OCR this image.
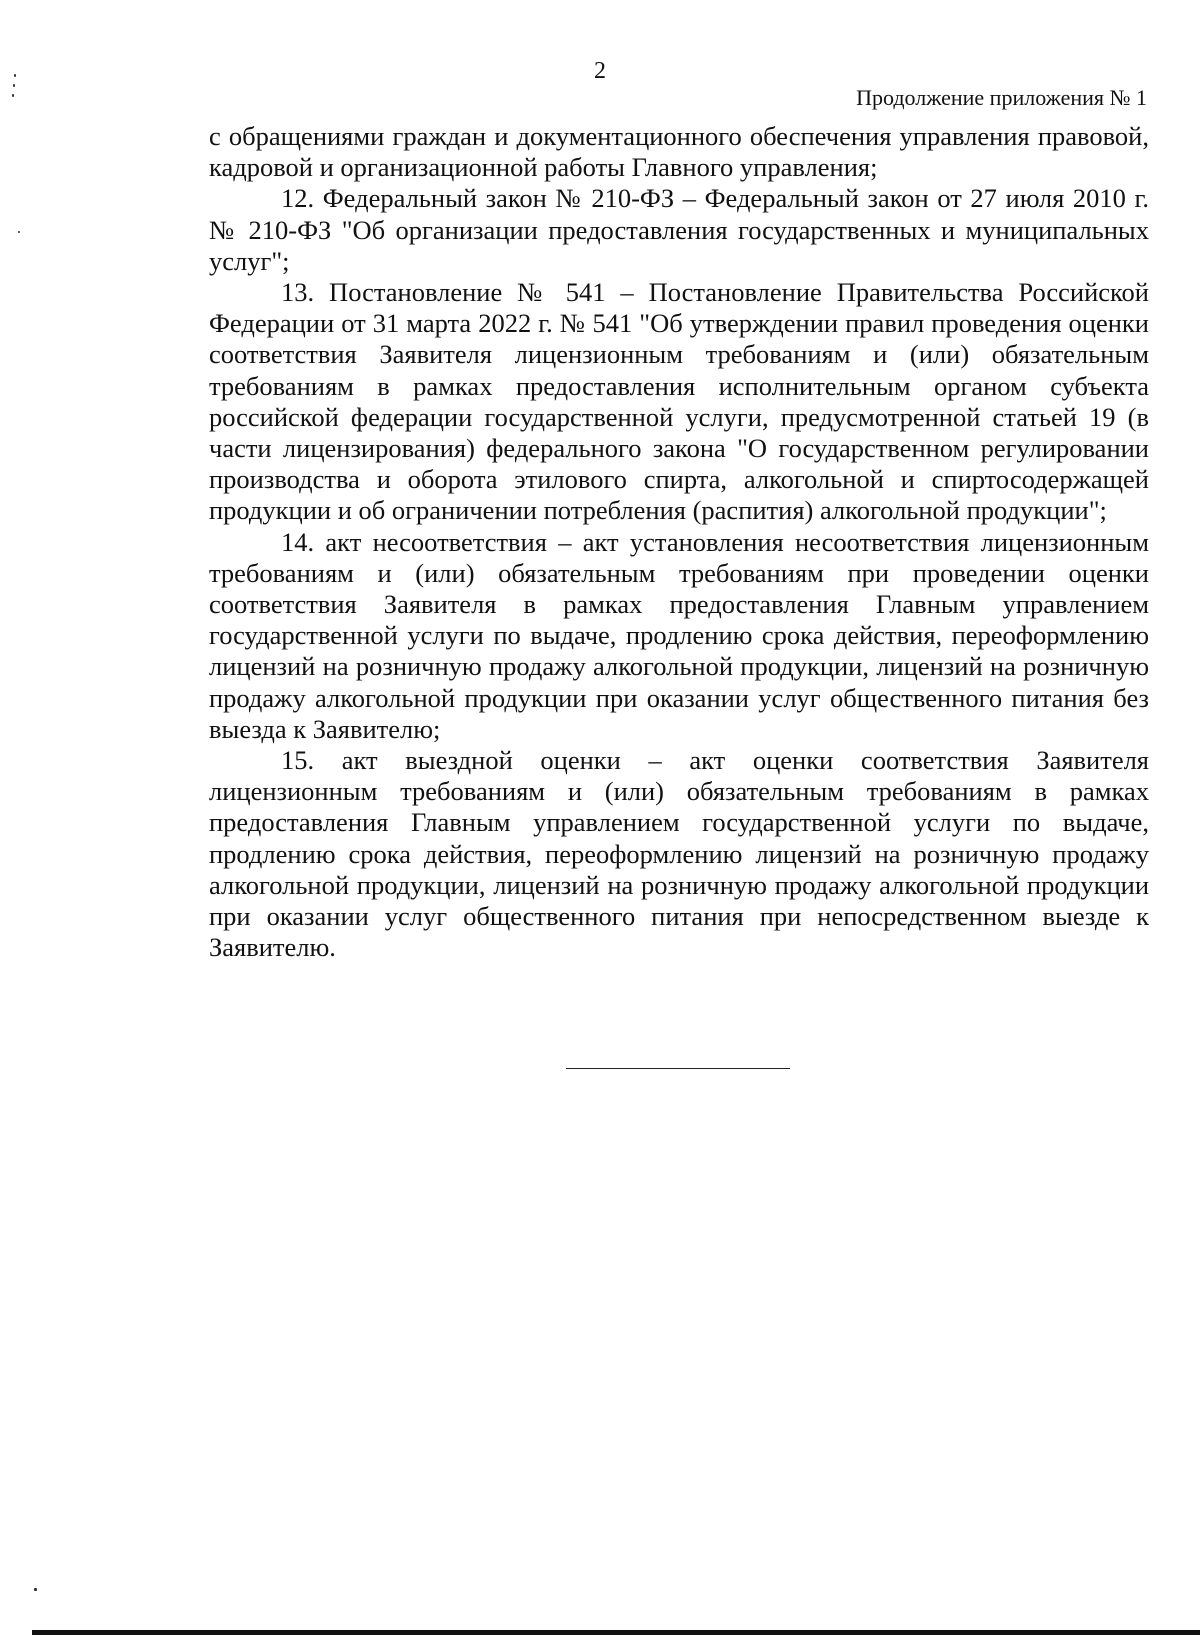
2
Продолжение приложения № 1

с обращениями граждан и документационного обеспечения управления правовой, кадровой и организационной работы Главного управления;

12. Федеральный закон № 210-ФЗ – Федеральный закон от 27 июля 2010 г. № 210-ФЗ "Об организации предоставления государственных и муниципальных услуг";

13. Постановление № 541 – Постановление Правительства Российской Федерации от 31 марта 2022 г. № 541 "Об утверждении правил проведения оценки соответствия Заявителя лицензионным требованиям и (или) обязательным требованиям в рамках предоставления исполнительным органом субъекта российской федерации государственной услуги, предусмотренной статьей 19 (в части лицензирования) федерального закона "О государственном регулировании производства и оборота этилового спирта, алкогольной и спиртосодержащей продукции и об ограничении потребления (распития) алкогольной продукции";

14. акт несоответствия – акт установления несоответствия лицензионным требованиям и (или) обязательным требованиям при проведении оценки соответствия Заявителя в рамках предоставления Главным управлением государственной услуги по выдаче, продлению срока действия, переоформлению лицензий на розничную продажу алкогольной продукции, лицензий на розничную продажу алкогольной продукции при оказании услуг общественного питания без выезда к Заявителю;

15. акт выездной оценки – акт оценки соответствия Заявителя лицензионным требованиям и (или) обязательным требованиям в рамках предоставления Главным управлением государственной услуги по выдаче, продлению срока действия, переоформлению лицензий на розничную продажу алкогольной продукции, лицензий на розничную продажу алкогольной продукции при оказании услуг общественного питания при непосредственном выезде к Заявителю.
